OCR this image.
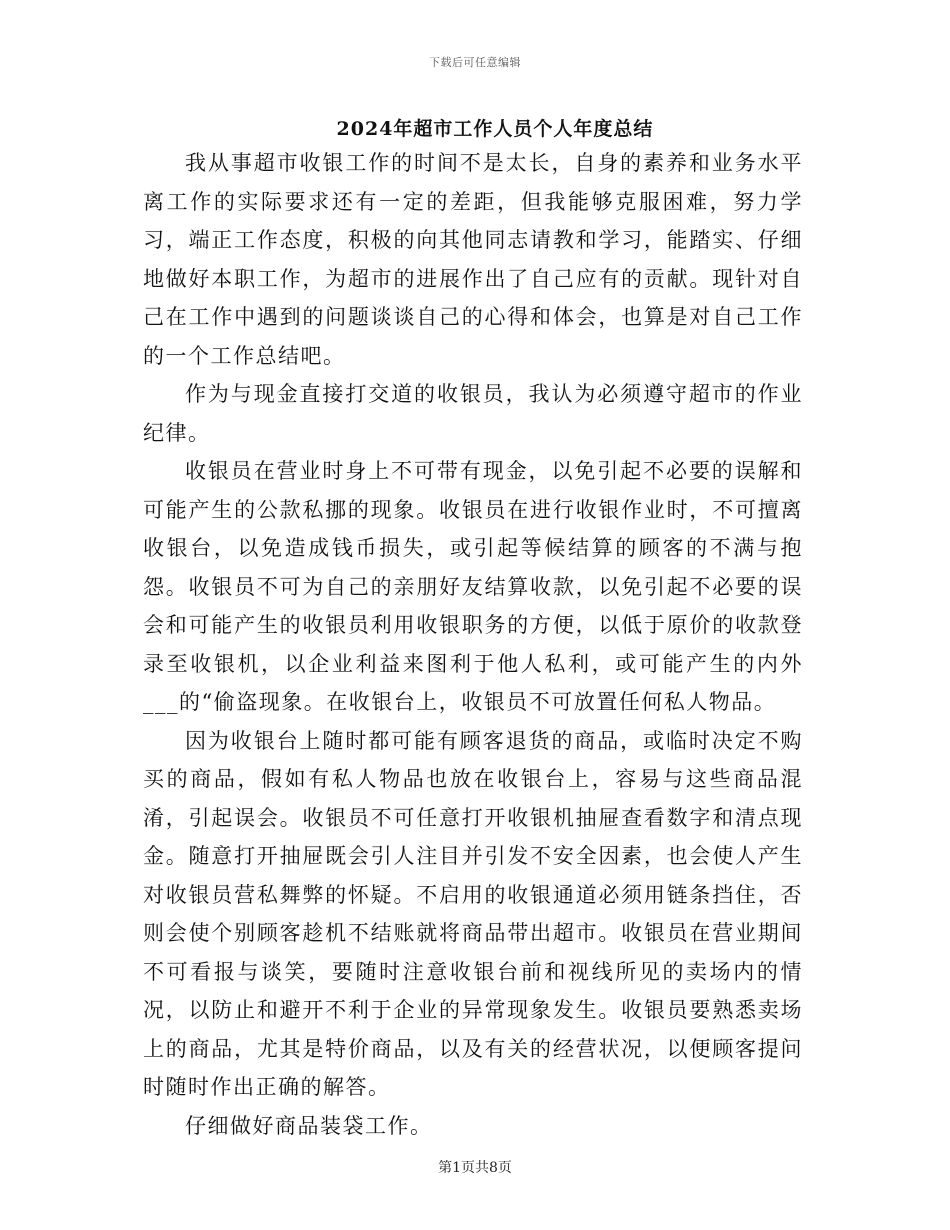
下载后可任意编辑
2024年超市工作人员个人年度总结

我从事超市收银工作的时间不是太长，自身的素养和业务水平离工作的实际要求还有一定的差距，但我能够克服困难，努力学习，端正工作态度，积极的向其他同志请教和学习，能踏实、仔细地做好本职工作，为超市的进展作出了自己应有的贡献。现针对自己在工作中遇到的问题谈谈自己的心得和体会，也算是对自己工作的一个工作总结吧。

作为与现金直接打交道的收银员，我认为必须遵守超市的作业纪律。

收银员在营业时身上不可带有现金，以免引起不必要的误解和可能产生的公款私挪的现象。收银员在进行收银作业时，不可擅离收银台，以免造成钱币损失，或引起等候结算的顾客的不满与抱怨。收银员不可为自己的亲朋好友结算收款，以免引起不必要的误会和可能产生的收银员利用收银职务的方便，以低于原价的收款登录至收银机，以企业利益来图利于他人私利，或可能产生的内外___的“偷盗现象。在收银台上，收银员不可放置任何私人物品。

因为收银台上随时都可能有顾客退货的商品，或临时决定不购买的商品，假如有私人物品也放在收银台上，容易与这些商品混淆，引起误会。收银员不可任意打开收银机抽屉查看数字和清点现金。随意打开抽屉既会引人注目并引发不安全因素，也会使人产生对收银员营私舞弊的怀疑。不启用的收银通道必须用链条挡住，否则会使个别顾客趁机不结账就将商品带出超市。收银员在营业期间不可看报与谈笑，要随时注意收银台前和视线所见的卖场内的情况，以防止和避开不利于企业的异常现象发生。收银员要熟悉卖场上的商品，尤其是特价商品，以及有关的经营状况，以便顾客提问时随时作出正确的解答。

仔细做好商品装袋工作。

第1页共8页
